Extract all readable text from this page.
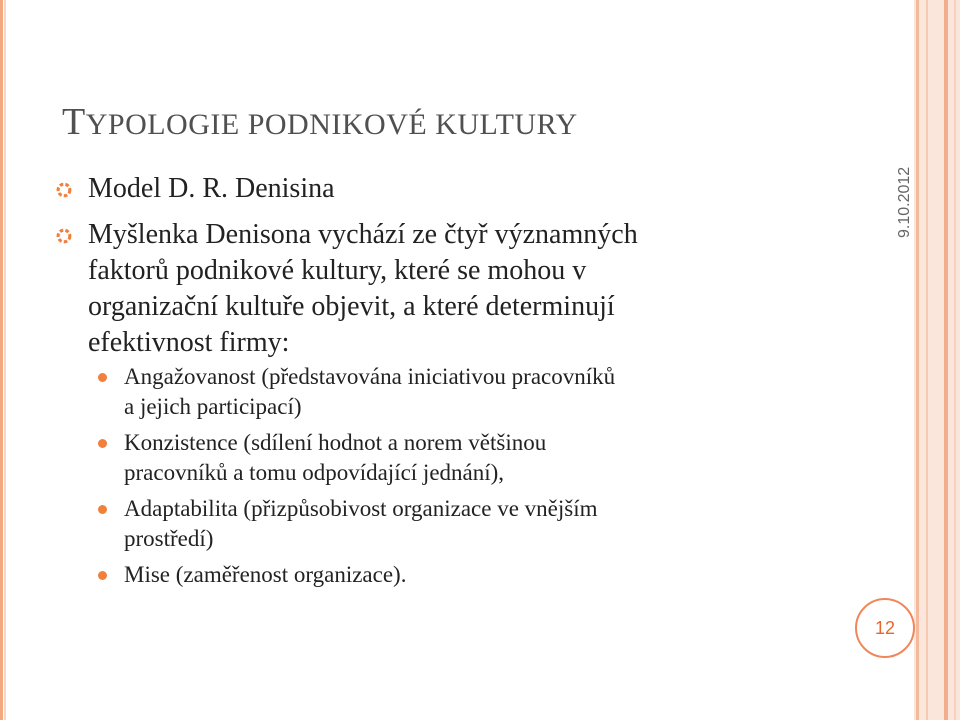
9.10.2012
TYPOLOGIE PODNIKOVÉ KULTURY
Model D. R. Denisina
Myšlenka Denisona vychází ze čtyř významných
faktorů podnikové kultury, které se mohou v
organizační kultuře objevit, a které determinují
efektivnost firmy:
Angažovanost (představována iniciativou pracovníků
a jejich participací)
Konzistence (sdílení hodnot a norem většinou
pracovníků a tomu odpovídající jednání),
Adaptabilita (přizpůsobivost organizace ve vnějším
prostředí)
Mise (zaměřenost organizace).
12
